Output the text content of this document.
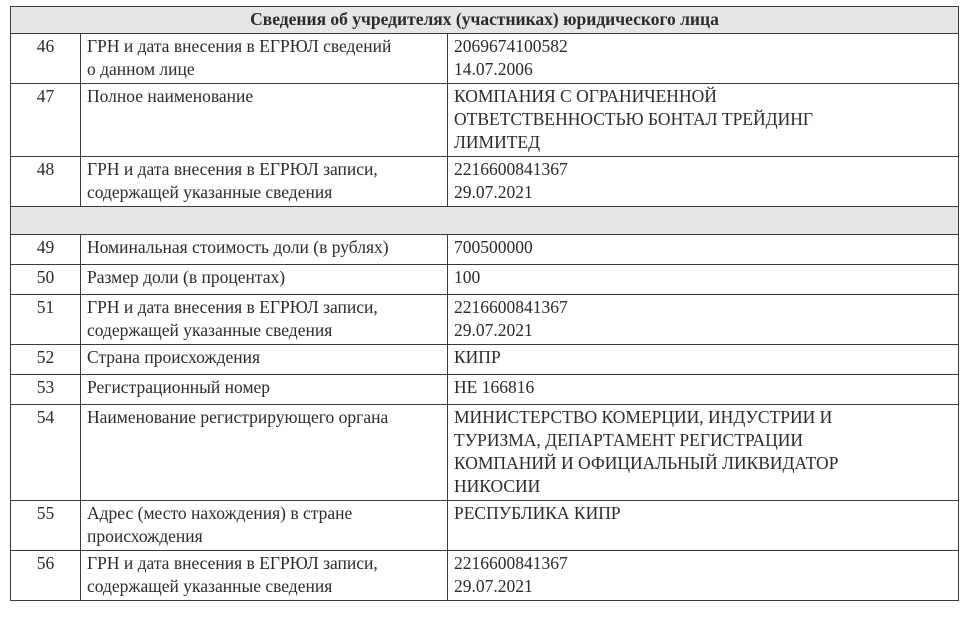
Сведения об учредителях (участниках) юридического лица		
46	ГРН и дата внесения в ЕГРЮЛ сведений
о данном лице	2069674100582
14.07.2006

47	Полное наименование	КОМПАНИЯ С ОГРАНИЧЕННОЙ
ОТВЕТСТВЕННОСТЬЮ БОНТАЛ ТРЕЙДИНГ
ЛИМИТЕД

48	ГРН и дата внесения в ЕГРЮЛ записи,
содержащей указанные сведения	2216600841367
29.07.2021

49	Номинальная стоимость доли (в рублях)	700500000

50	Размер доли (в процентах)	100

51	ГРН и дата внесения в ЕГРЮЛ записи,
содержащей указанные сведения	2216600841367
29.07.2021

52	Страна происхождения	КИПР

53	Регистрационный номер	НЕ 166816

54	Наименование регистрирующего органа	МИНИСТЕРСТВО КОМЕРЦИИ, ИНДУСТРИИ И
ТУРИЗМА, ДЕПАРТАМЕНТ РЕГИСТРАЦИИ
КОМПАНИЙ И ОФИЦИАЛЬНЫЙ ЛИКВИДАТОР
НИКОСИИ

55	Адрес (место нахождения) в стране
происхождения	РЕСПУБЛИКА КИПР

56	ГРН и дата внесения в ЕГРЮЛ записи,
содержащей указанные сведения	2216600841367
29.07.2021
